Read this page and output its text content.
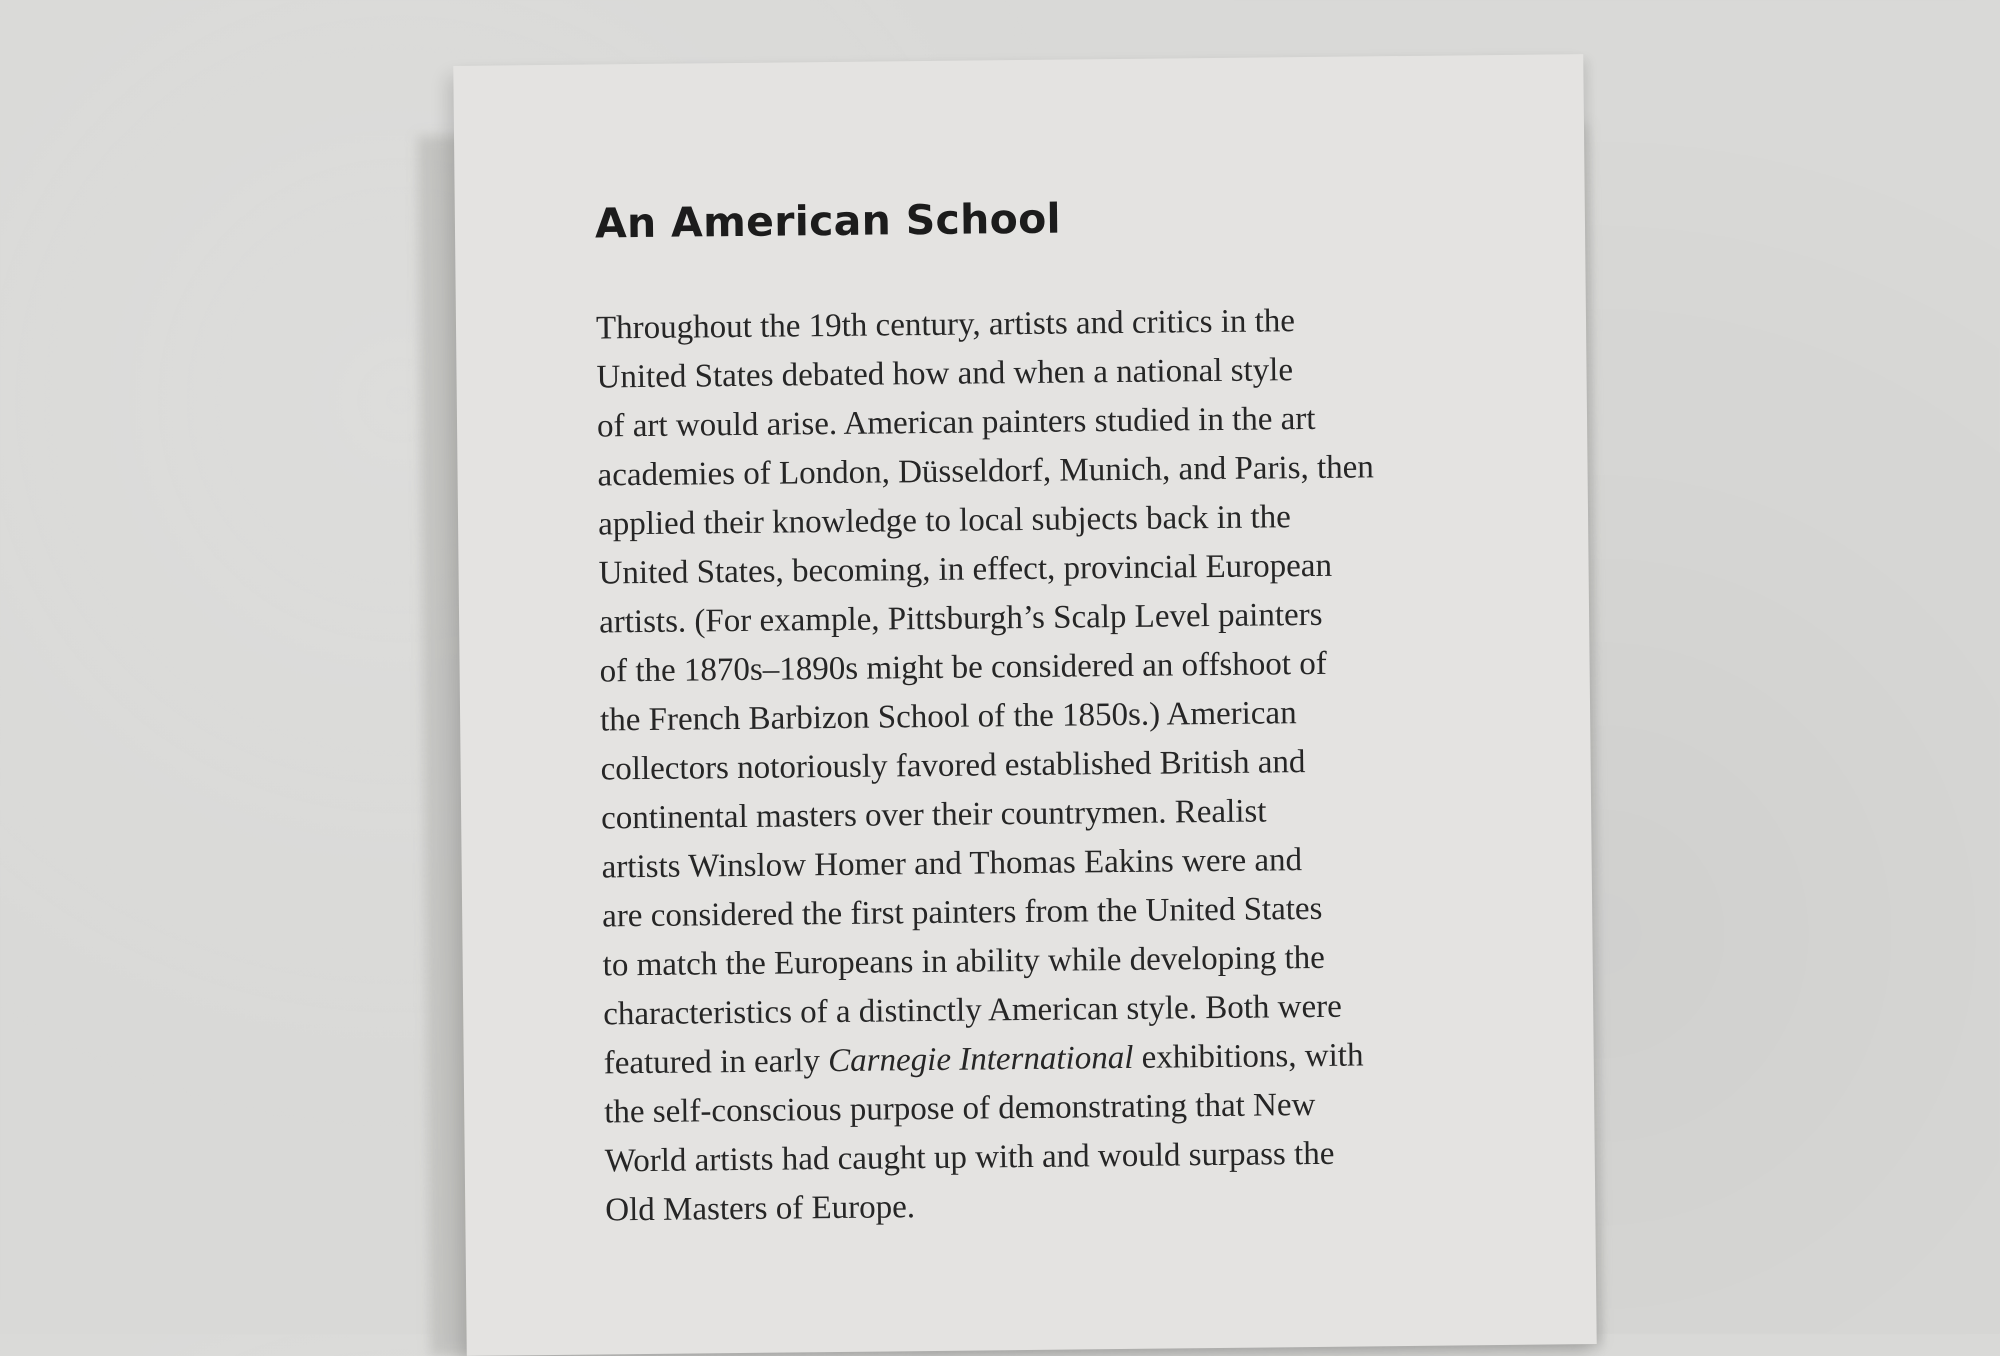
An American School

Throughout the 19th century, artists and critics in the
United States debated how and when a national style
of art would arise. American painters studied in the art
academies of London, Düsseldorf, Munich, and Paris, then
applied their knowledge to local subjects back in the
United States, becoming, in effect, provincial European
artists. (For example, Pittsburgh’s Scalp Level painters
of the 1870s–1890s might be considered an offshoot of
the French Barbizon School of the 1850s.) American
collectors notoriously favored established British and
continental masters over their countrymen. Realist
artists Winslow Homer and Thomas Eakins were and
are considered the first painters from the United States
to match the Europeans in ability while developing the
characteristics of a distinctly American style. Both were
featured in early Carnegie International exhibitions, with
the self-conscious purpose of demonstrating that New
World artists had caught up with and would surpass the
Old Masters of Europe.
